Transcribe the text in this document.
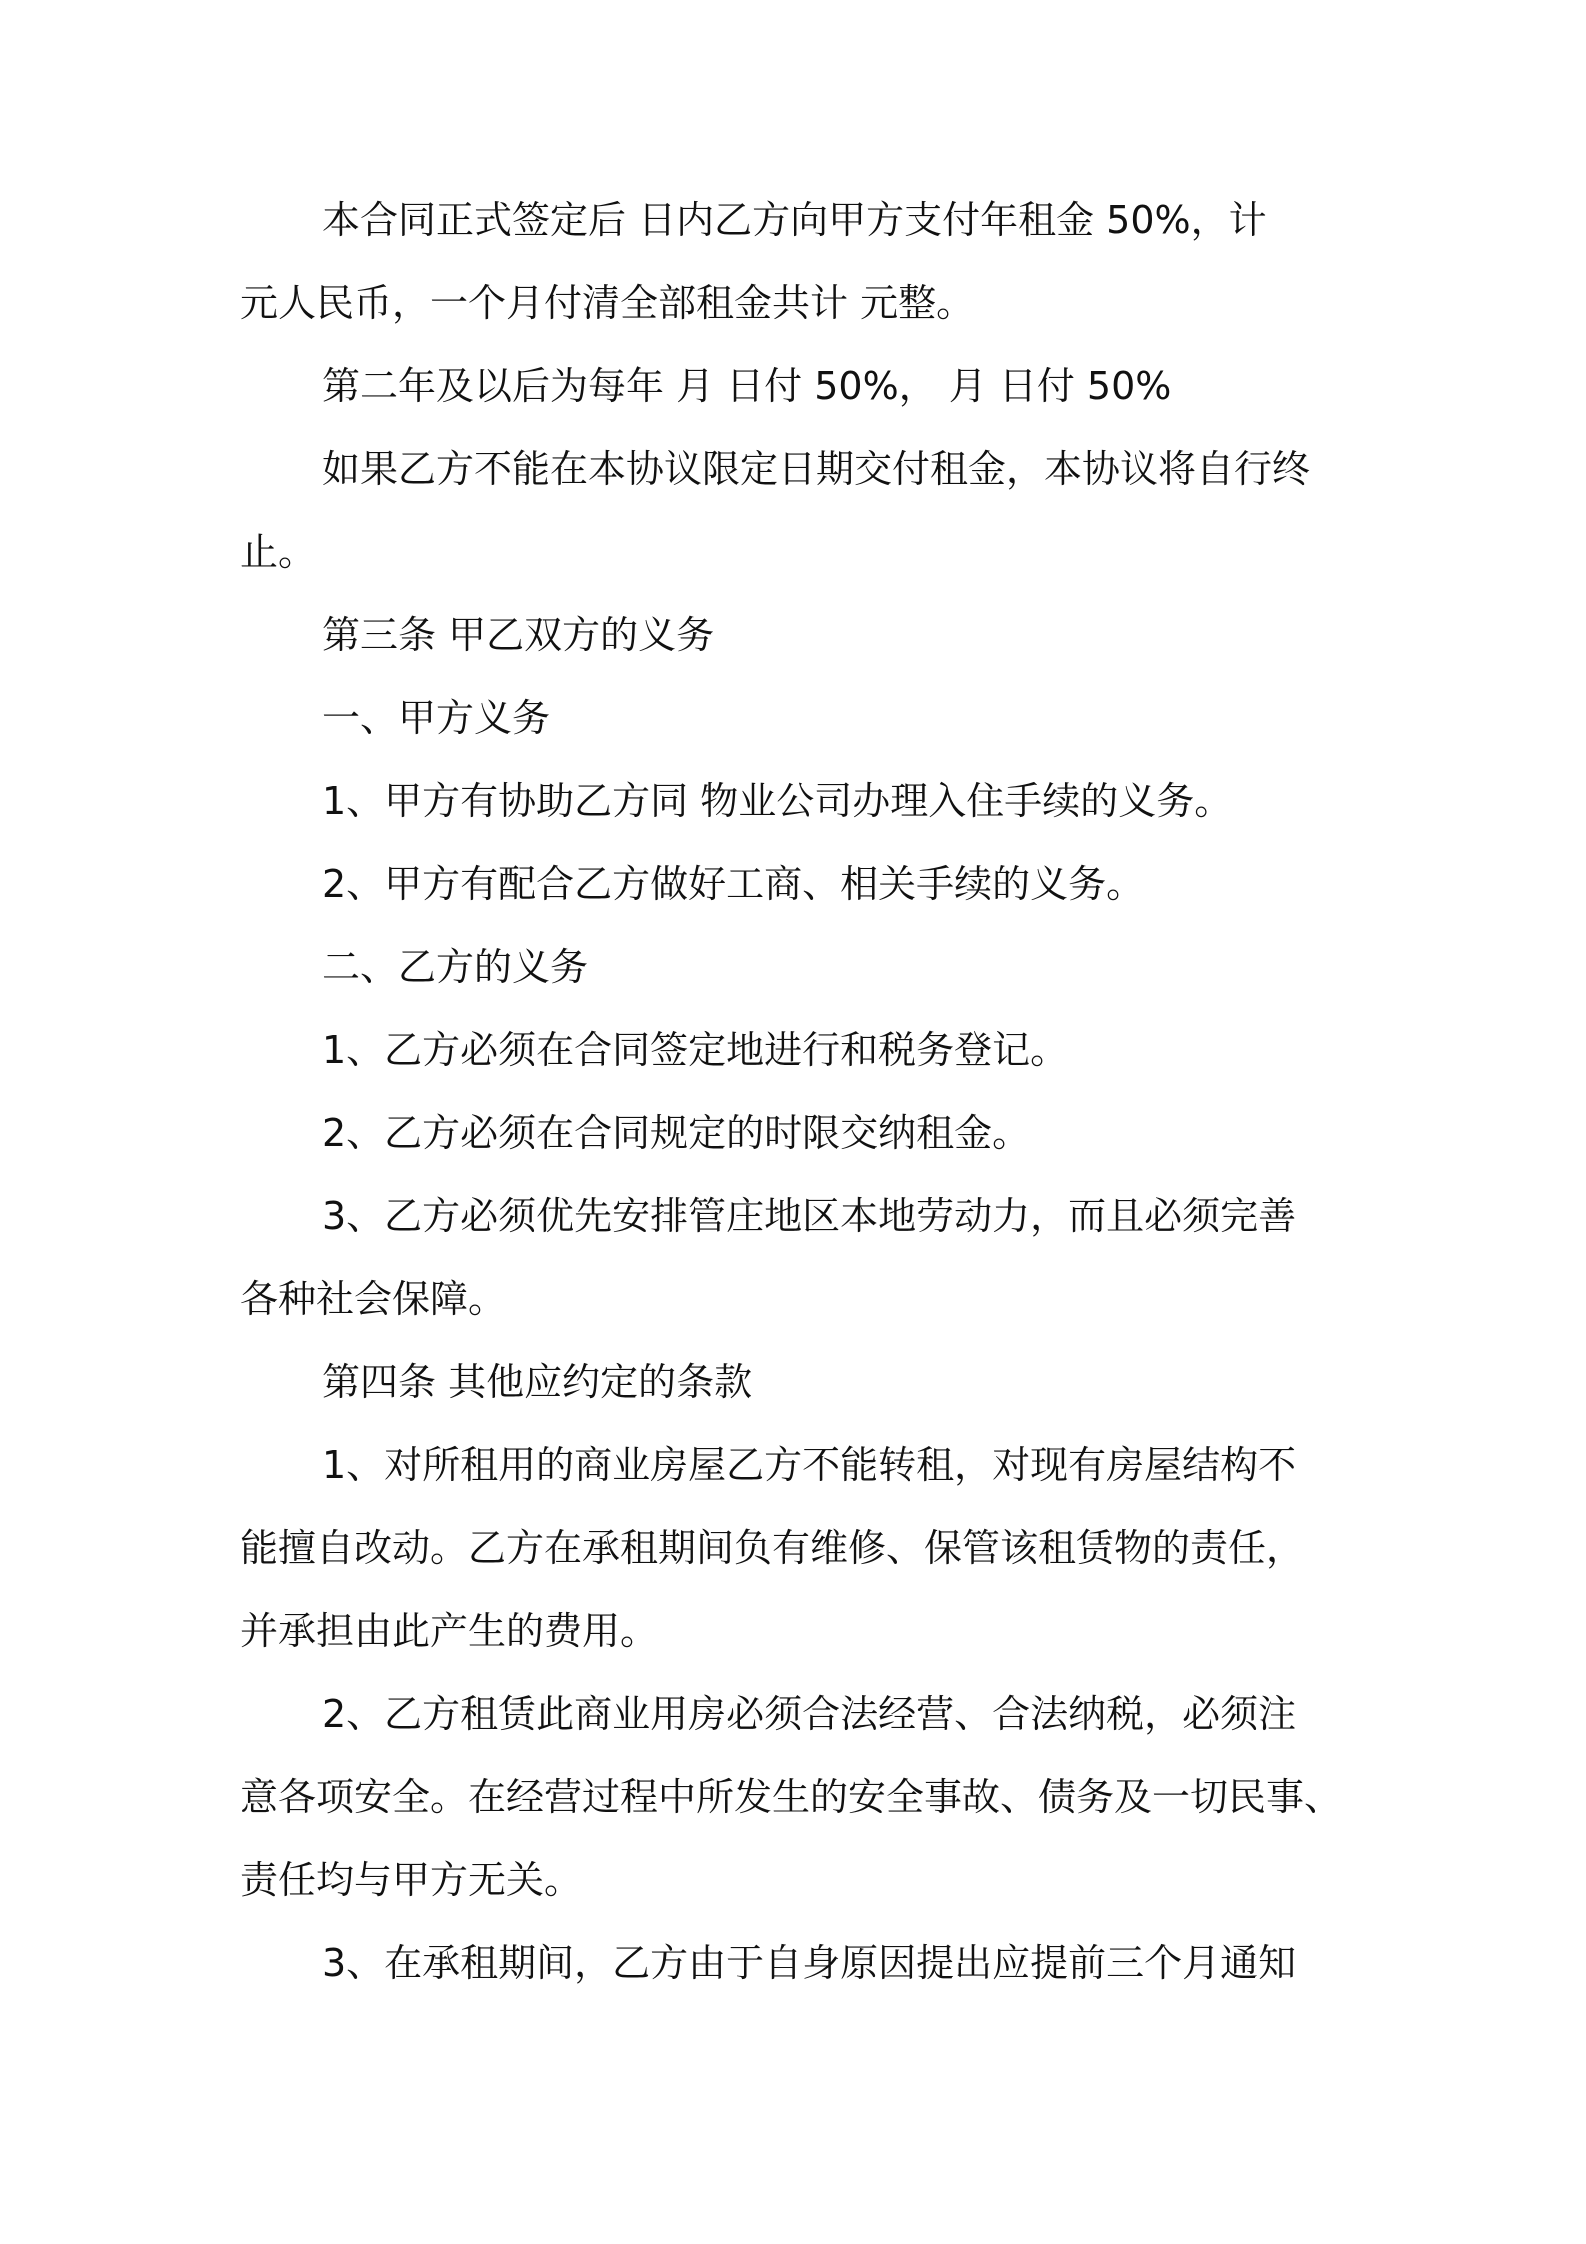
本合同正式签定后 日内乙方向甲方支付年租金 50%，计
元人民币，一个月付清全部租金共计 元整。
第二年及以后为每年 月 日付 50%， 月 日付 50%
如果乙方不能在本协议限定日期交付租金，本协议将自行终
止。
第三条 甲乙双方的义务
一、甲方义务
1、甲方有协助乙方同 物业公司办理入住手续的义务。
2、甲方有配合乙方做好工商、相关手续的义务。
二、乙方的义务
1、乙方必须在合同签定地进行和税务登记。
2、乙方必须在合同规定的时限交纳租金。
3、乙方必须优先安排管庄地区本地劳动力，而且必须完善
各种社会保障。
第四条 其他应约定的条款
1、对所租用的商业房屋乙方不能转租，对现有房屋结构不
能擅自改动。乙方在承租期间负有维修、保管该租赁物的责任，
并承担由此产生的费用。
2、乙方租赁此商业用房必须合法经营、合法纳税，必须注
意各项安全。在经营过程中所发生的安全事故、债务及一切民事、
责任均与甲方无关。
3、在承租期间，乙方由于自身原因提出应提前三个月通知
